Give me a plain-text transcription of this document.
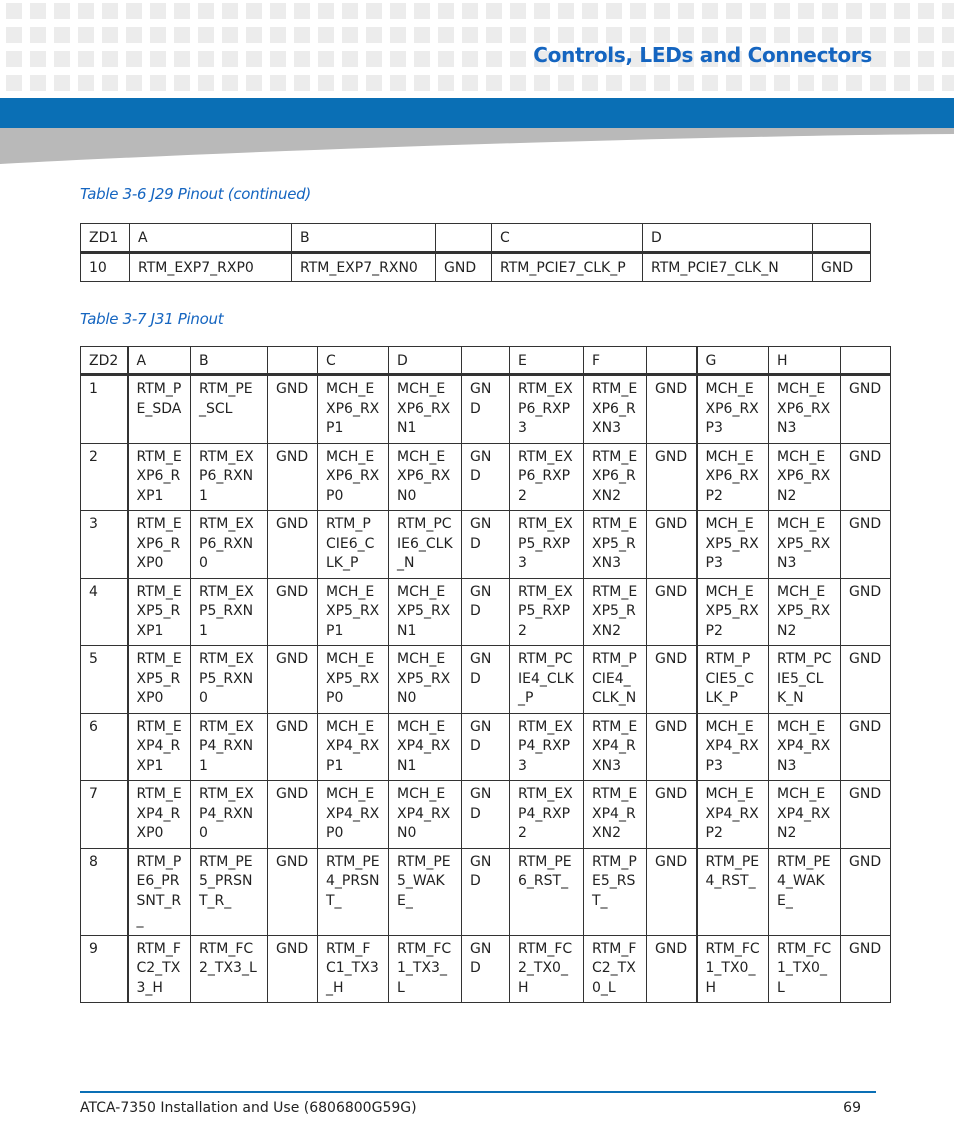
Controls, LEDs and Connectors
Table 3-6 J29 Pinout (continued)
ZD1	A	B		C	D	
10	RTM_EXP7_RXP0	RTM_EXP7_RXN0	GND	RTM_PCIE7_CLK_P	RTM_PCIE7_CLK_N	GND
Table 3-7 J31 Pinout
ZD2	A	B		C	D		E	F		G	H	
1	RTM_PE_SDA	RTM_PE_SCL	GND	MCH_EXP6_RXP1	MCH_EXP6_RXN1	GND	RTM_EXP6_RXP3	RTM_EXP6_RXN3	GND	MCH_EXP6_RXP3	MCH_EXP6_RXN3	GND
2	RTM_EXP6_RXP1	RTM_EXP6_RXN1	GND	MCH_EXP6_RXP0	MCH_EXP6_RXN0	GND	RTM_EXP6_RXP2	RTM_EXP6_RXN2	GND	MCH_EXP6_RXP2	MCH_EXP6_RXN2	GND
3	RTM_EXP6_RXP0	RTM_EXP6_RXN0	GND	RTM_PCIE6_CLK_P	RTM_PCIE6_CLK_N	GND	RTM_EXP5_RXP3	RTM_EXP5_RXN3	GND	MCH_EXP5_RXP3	MCH_EXP5_RXN3	GND
4	RTM_EXP5_RXP1	RTM_EXP5_RXN1	GND	MCH_EXP5_RXP1	MCH_EXP5_RXN1	GND	RTM_EXP5_RXP2	RTM_EXP5_RXN2	GND	MCH_EXP5_RXP2	MCH_EXP5_RXN2	GND
5	RTM_EXP5_RXP0	RTM_EXP5_RXN0	GND	MCH_EXP5_RXP0	MCH_EXP5_RXN0	GND	RTM_PCIE4_CLK_P	RTM_PCIE4_CLK_N	GND	RTM_PCIE5_CLK_P	RTM_PCIE5_CLK_N	GND
6	RTM_EXP4_RXP1	RTM_EXP4_RXN1	GND	MCH_EXP4_RXP1	MCH_EXP4_RXN1	GND	RTM_EXP4_RXP3	RTM_EXP4_RXN3	GND	MCH_EXP4_RXP3	MCH_EXP4_RXN3	GND
7	RTM_EXP4_RXP0	RTM_EXP4_RXN0	GND	MCH_EXP4_RXP0	MCH_EXP4_RXN0	GND	RTM_EXP4_RXP2	RTM_EXP4_RXN2	GND	MCH_EXP4_RXP2	MCH_EXP4_RXN2	GND
8	RTM_PE6_PRSNT_R_	RTM_PE5_PRSNT_R_	GND	RTM_PE4_PRSNT_	RTM_PE5_WAKE_	GND	RTM_PE6_RST_	RTM_PE5_RST_	GND	RTM_PE4_RST_	RTM_PE4_WAKE_	GND
9	RTM_FC2_TX3_H	RTM_FC2_TX3_L	GND	RTM_FC1_TX3_H	RTM_FC1_TX3_L	GND	RTM_FC2_TX0_H	RTM_FC2_TX0_L	GND	RTM_FC1_TX0_H	RTM_FC1_TX0_L	GND
ATCA-7350 Installation and Use (6806800G59G)	69
